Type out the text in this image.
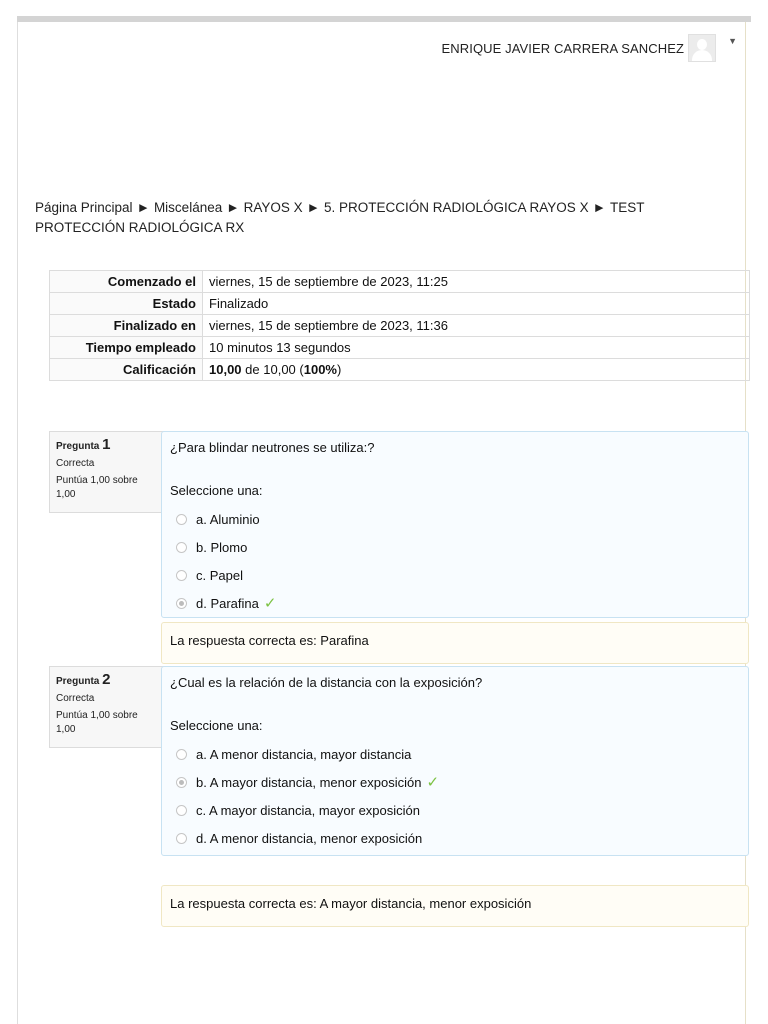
ENRIQUE JAVIER CARRERA SANCHEZ	▼
Página Principal ► Miscelánea ► RAYOS X ► 5. PROTECCIÓN RADIOLÓGICA RAYOS X ► TEST PROTECCIÓN RADIOLÓGICA RX
Comenzado el	viernes, 15 de septiembre de 2023, 11:25
Estado	Finalizado
Finalizado en	viernes, 15 de septiembre de 2023, 11:36
Tiempo empleado	10 minutos 13 segundos
Calificación	10,00 de 10,00 (100%)
Pregunta 1
Correcta
Puntúa 1,00 sobre 1,00
¿Para blindar neutrones se utiliza:?
Seleccione una:
a. Aluminio
b. Plomo
c. Papel
d. Parafina ✓
La respuesta correcta es: Parafina
Pregunta 2
Correcta
Puntúa 1,00 sobre 1,00
¿Cual es la relación de la distancia con la exposición?
Seleccione una:
a. A menor distancia, mayor distancia
b. A mayor distancia, menor exposición ✓
c. A mayor distancia, mayor exposición
d. A menor distancia, menor exposición
La respuesta correcta es: A mayor distancia, menor exposición
